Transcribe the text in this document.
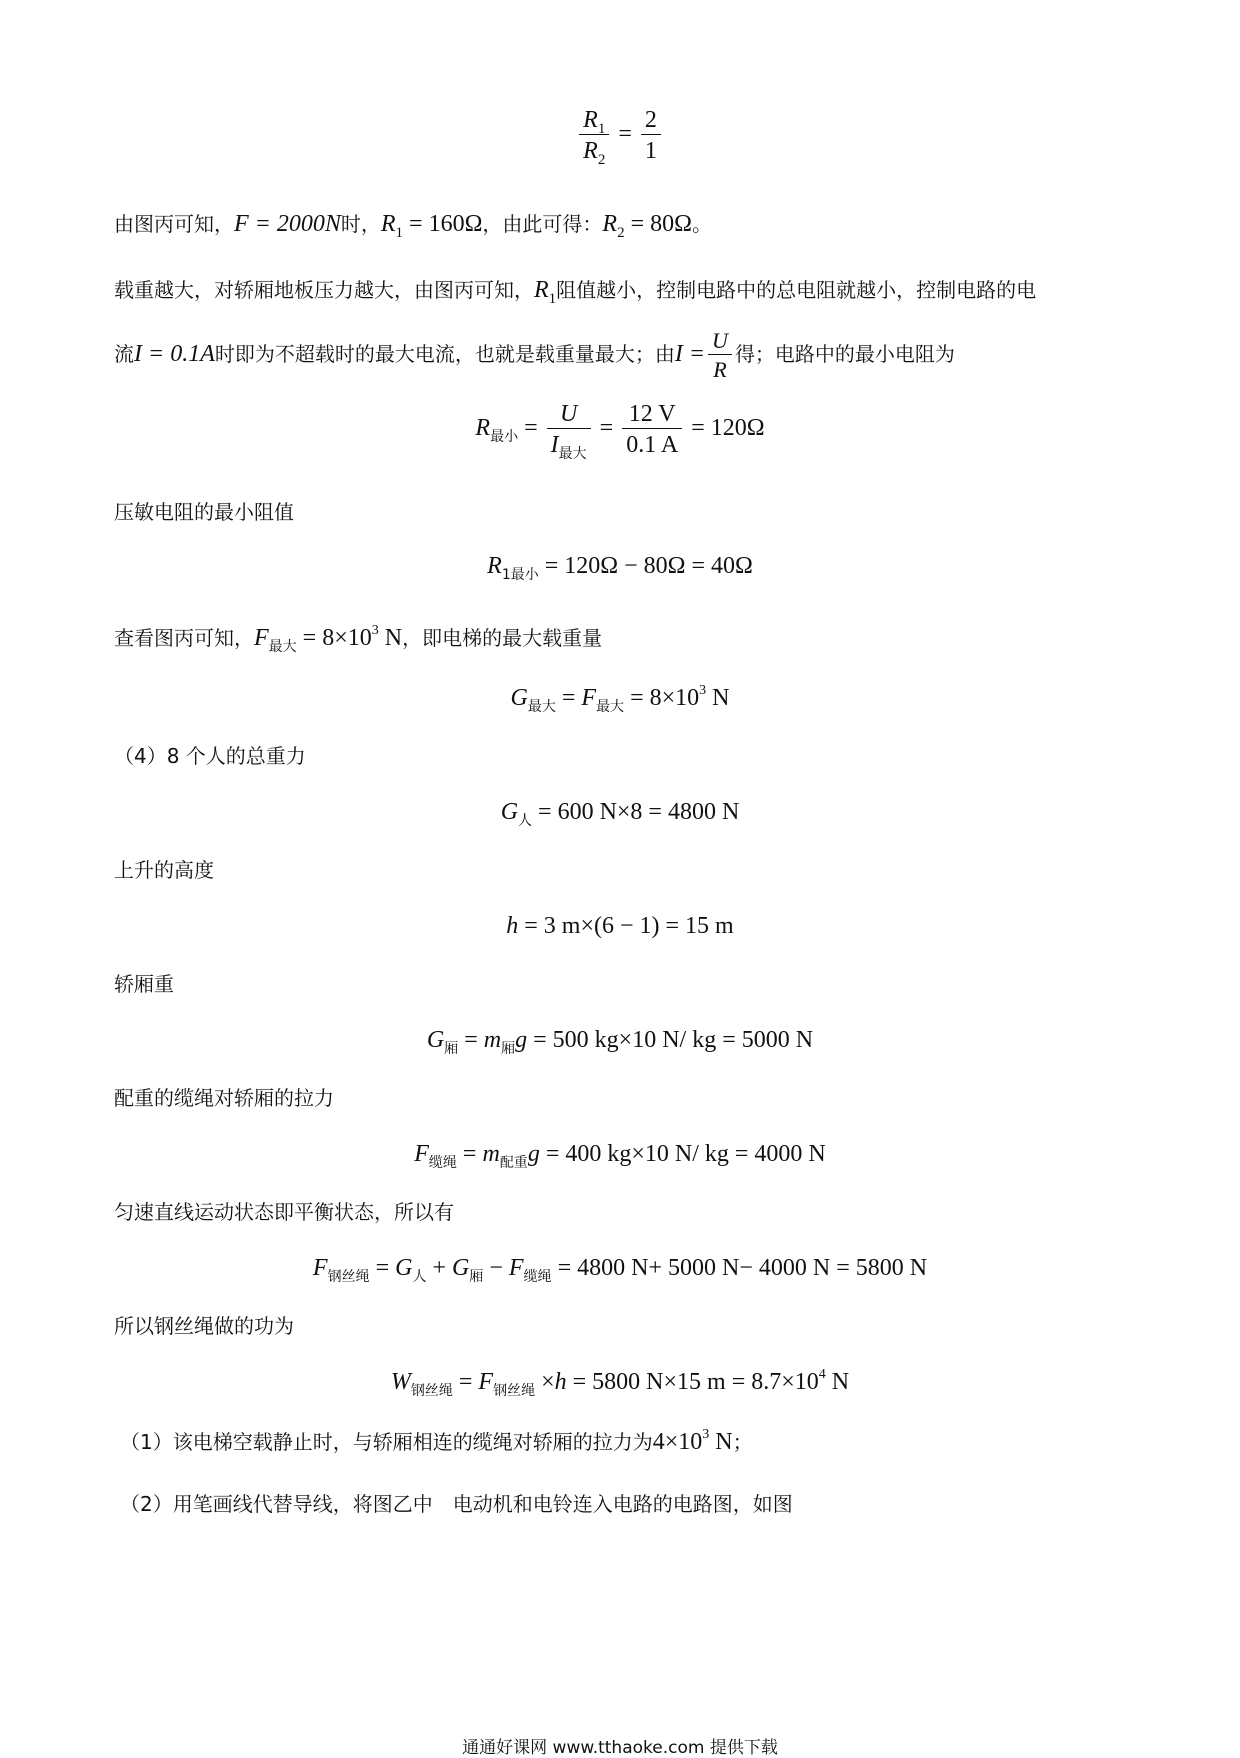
$\frac{R_1}{R_2} = \frac{2}{1}$
由图丙可知，F = 2000N时，$R_1 = 160\Omega$，由此可得：$R_2 = 80\Omega$。
载重越大，对轿厢地板压力越大，由图丙可知，$R_1$阻值越小，控制电路中的总电阻就越小，控制电路的电
流I = 0.1A时即为不超载时的最大电流，也就是载重量最大；由$I = \frac{U}{R}$ 得；电路中的最小电阻为
$R_{最小} = \frac{U}{I_{最大}} = \frac{12 V}{0.1 A} = 120\Omega$
压敏电阻的最小阻值
$R_{1最小} = 120\Omega - 80\Omega = 40\Omega$
查看图丙可知，$F_{最大} = 8\times 10^3$ N，即电梯的最大载重量
$G_{最大} = F_{最大} = 8\times 10^3$ N
（4）8 个人的总重力
$G_人 = 600$ N×8 = 4800 N
上升的高度
h = 3 m×(6 − 1) = 15 m
轿厢重
$G_厢 = m_厢g = 500$ kg×10 N/ kg = 5000 N
配重的缆绳对轿厢的拉力
$F_{缆绳} = m_{配重}g = 400$ kg×10 N/ kg = 4000 N
匀速直线运动状态即平衡状态，所以有
$F_{钢丝绳} = G_人 + G_厢 - F_{缆绳} = 4800$ N+ 5000 N− 4000 N = 5800 N
所以钢丝绳做的功为
$W_{钢丝绳} = F_{钢丝绳} \times h = 5800$ N×15 $m = 8.7\times 10^4$ N
（1）该电梯空载静止时，与轿厢相连的缆绳对轿厢的拉力为$4\times 10^3$ N；
（2）用笔画线代替导线，将图乙中　电动机和电铃连入电路的电路图，如图
通通好课网 www.tthaoke.com 提供下载
